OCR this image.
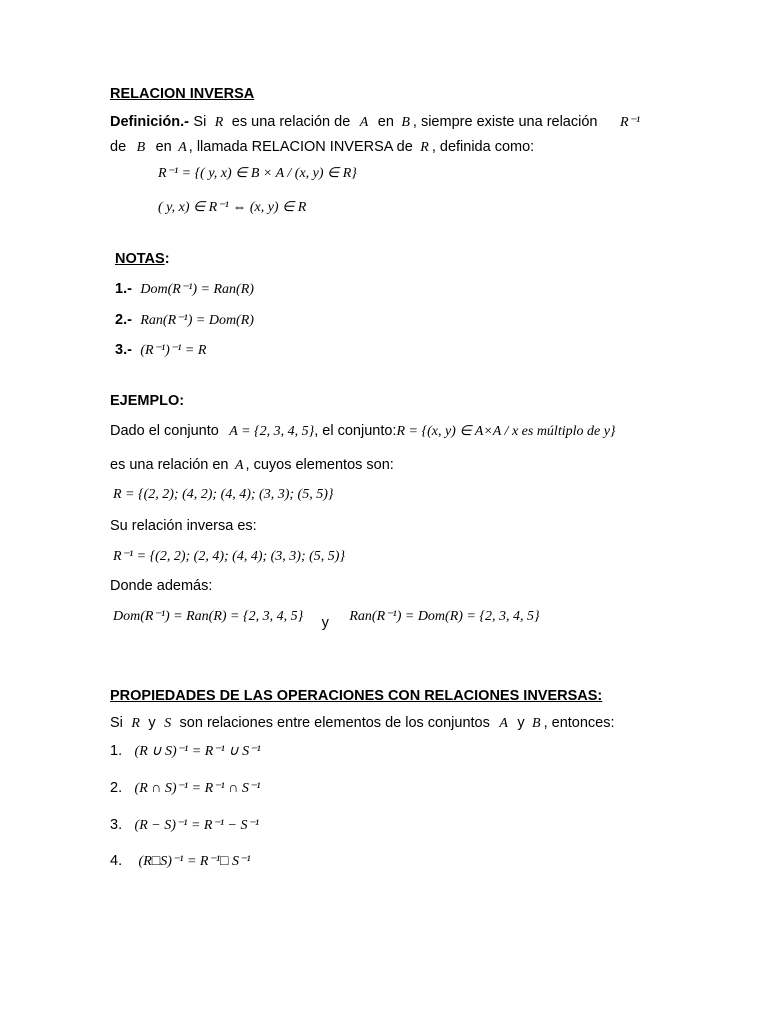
RELACION INVERSA
Definición.- Si R es una relación de A en B , siempre existe una relación R⁻¹
de B en A , llamada RELACION INVERSA de R , definida como:
R⁻¹ = {( y, x) ∈ B × A / (x, y) ∈ R}
( y, x) ∈ R⁻¹ ⇔ (x, y) ∈ R
NOTAS:
1.- Dom(R⁻¹) = Ran(R)
2.- Ran(R⁻¹) = Dom(R)
3.- (R⁻¹)⁻¹ = R
EJEMPLO:
Dado el conjunto A = {2, 3, 4, 5}, el conjunto:R = {(x, y) ∈ A×A / x es múltiplo de y}
es una relación en A , cuyos elementos son:
R = {(2, 2); (4, 2); (4, 4); (3, 3); (5, 5)}
Su relación inversa es:
R⁻¹ = {(2, 2); (2, 4); (4, 4); (3, 3); (5, 5)}
Donde además:
Dom(R⁻¹) = Ran(R) = {2, 3, 4, 5} y Ran(R⁻¹) = Dom(R) = {2, 3, 4, 5}
PROPIEDADES DE LAS OPERACIONES CON RELACIONES INVERSAS:
Si R y S son relaciones entre elementos de los conjuntos A y B , entonces:
1. (R ∪ S)⁻¹ = R⁻¹ ∪ S⁻¹
2. (R ∩ S)⁻¹ = R⁻¹ ∩ S⁻¹
3. (R − S)⁻¹ = R⁻¹ − S⁻¹
4. (R□S)⁻¹ = R⁻¹□ S⁻¹
